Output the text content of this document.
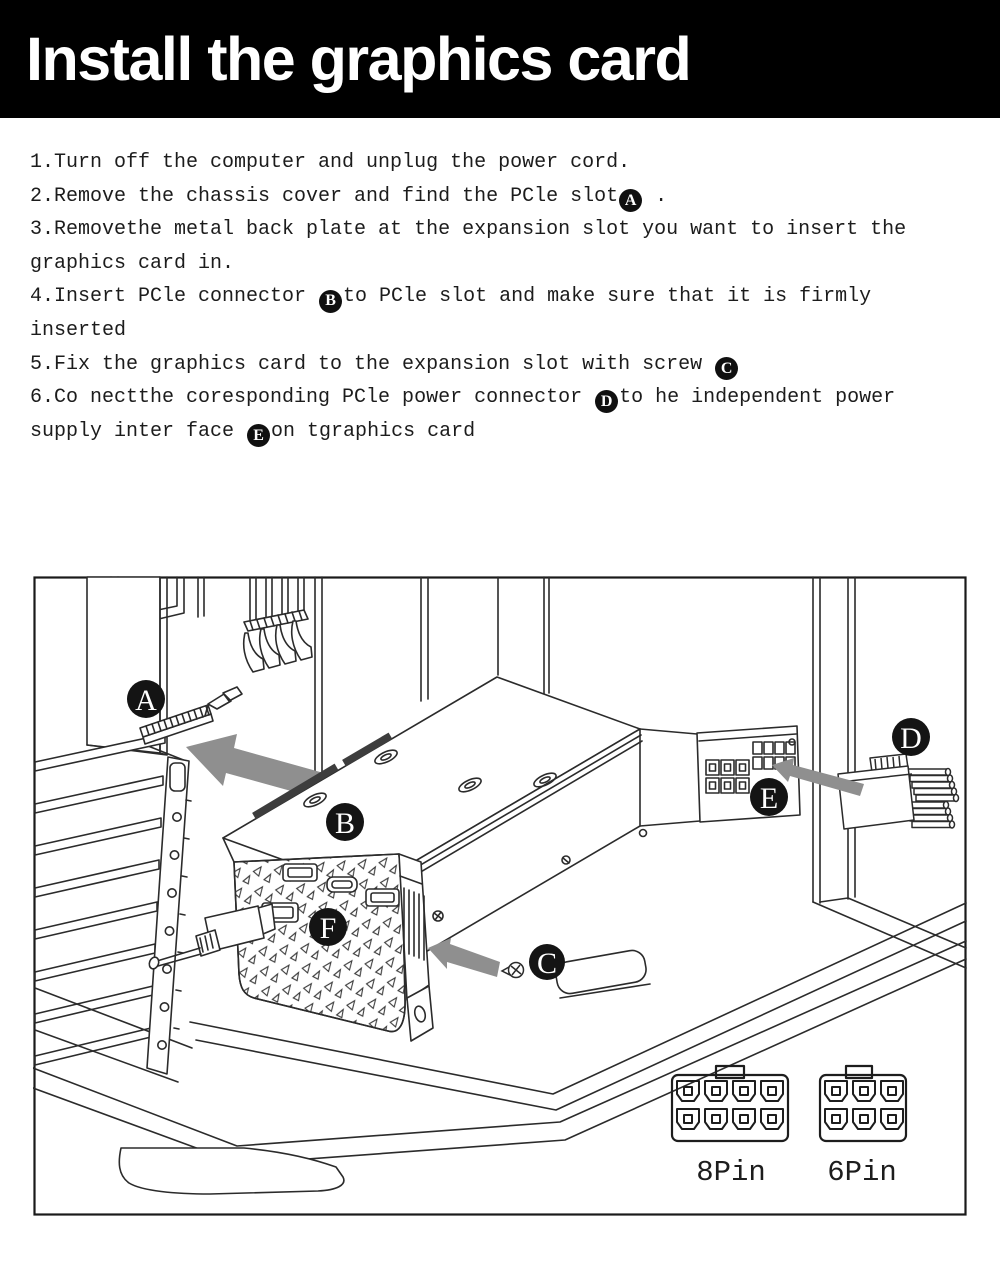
Install the graphics card
1.Turn off the computer and unplug the power cord.
2.Remove the chassis cover and find the PCle slot A .
3.Removethe metal back plate at the expansion slot you want to insert the
graphics card in.
4.Insert PCle connector B to PCle slot and make sure that it is firmly
inserted
5.Fix the graphics card to the expansion slot with screw C
6.Co nectthe coresponding PCle power connector D to he independent power
supply inter face E on tgraphics card
A
B
C
D
E
F
8Pin 6Pin
